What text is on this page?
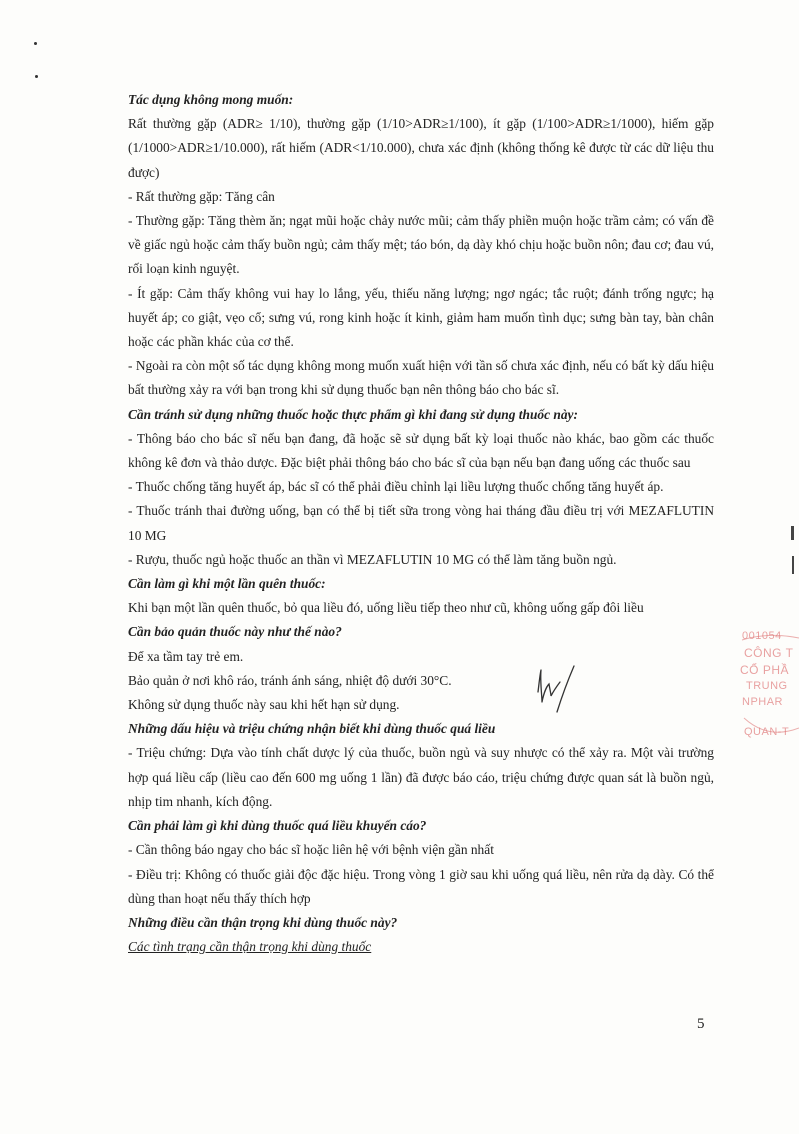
Tác dụng không mong muốn:

Rất thường gặp (ADR≥ 1/10), thường gặp (1/10>ADR≥1/100), ít gặp (1/100>ADR≥1/1000), hiếm gặp (1/1000>ADR≥1/10.000), rất hiếm (ADR<1/10.000), chưa xác định (không thống kê được từ các dữ liệu thu được)

- Rất thường gặp: Tăng cân

- Thường gặp: Tăng thèm ăn; ngạt mũi hoặc chảy nước mũi; cảm thấy phiền muộn hoặc trầm cảm; có vấn đề về giấc ngủ hoặc cảm thấy buồn ngủ; cảm thấy mệt; táo bón, dạ dày khó chịu hoặc buồn nôn; đau cơ; đau vú, rối loạn kinh nguyệt.

- Ít gặp: Cảm thấy không vui hay lo lắng, yếu, thiếu năng lượng; ngơ ngác; tắc ruột; đánh trống ngực; hạ huyết áp; co giật, vẹo cổ; sưng vú, rong kinh hoặc ít kinh, giảm ham muốn tình dục; sưng bàn tay, bàn chân hoặc các phần khác của cơ thể.

- Ngoài ra còn một số tác dụng không mong muốn xuất hiện với tần số chưa xác định, nếu có bất kỳ dấu hiệu bất thường xảy ra với bạn trong khi sử dụng thuốc bạn nên thông báo cho bác sĩ.

Cần tránh sử dụng những thuốc hoặc thực phẩm gì khi đang sử dụng thuốc này:

- Thông báo cho bác sĩ nếu bạn đang, đã hoặc sẽ sử dụng bất kỳ loại thuốc nào khác, bao gồm các thuốc không kê đơn và thảo dược. Đặc biệt phải thông báo cho bác sĩ của bạn nếu bạn đang uống các thuốc sau

- Thuốc chống tăng huyết áp, bác sĩ có thể phải điều chỉnh lại liều lượng thuốc chống tăng huyết áp.

- Thuốc tránh thai đường uống, bạn có thể bị tiết sữa trong vòng hai tháng đầu điều trị với MEZAFLUTIN 10 MG

- Rượu, thuốc ngủ hoặc thuốc an thần vì MEZAFLUTIN 10 MG có thể làm tăng buồn ngủ.

Cần làm gì khi một lần quên thuốc:

Khi bạn một lần quên thuốc, bỏ qua liều đó, uống liều tiếp theo như cũ, không uống gấp đôi liều

Cần bảo quản thuốc này như thế nào?

Để xa tầm tay trẻ em.

Bảo quản ở nơi khô ráo, tránh ánh sáng, nhiệt độ dưới 30°C.

Không sử dụng thuốc này sau khi hết hạn sử dụng.

Những dấu hiệu và triệu chứng nhận biết khi dùng thuốc quá liều

- Triệu chứng: Dựa vào tính chất dược lý của thuốc, buồn ngủ và suy nhược có thể xảy ra. Một vài trường hợp quá liều cấp (liều cao đến 600 mg uống 1 lần) đã được báo cáo, triệu chứng được quan sát là buồn ngủ, nhịp tim nhanh, kích động.

Cần phải làm gì khi dùng thuốc quá liều khuyến cáo?

- Cần thông báo ngay cho bác sĩ hoặc liên hệ với bệnh viện gần nhất

- Điều trị: Không có thuốc giải độc đặc hiệu. Trong vòng 1 giờ sau khi uống quá liều, nên rửa dạ dày. Có thể dùng than hoạt nếu thấy thích hợp

Những điều cần thận trọng khi dùng thuốc này?

Các tình trạng cần thận trọng khi dùng thuốc

001054
CÔNG T
CỔ PHẦ
TRUNG
NPHAR
QUAN-T
5
